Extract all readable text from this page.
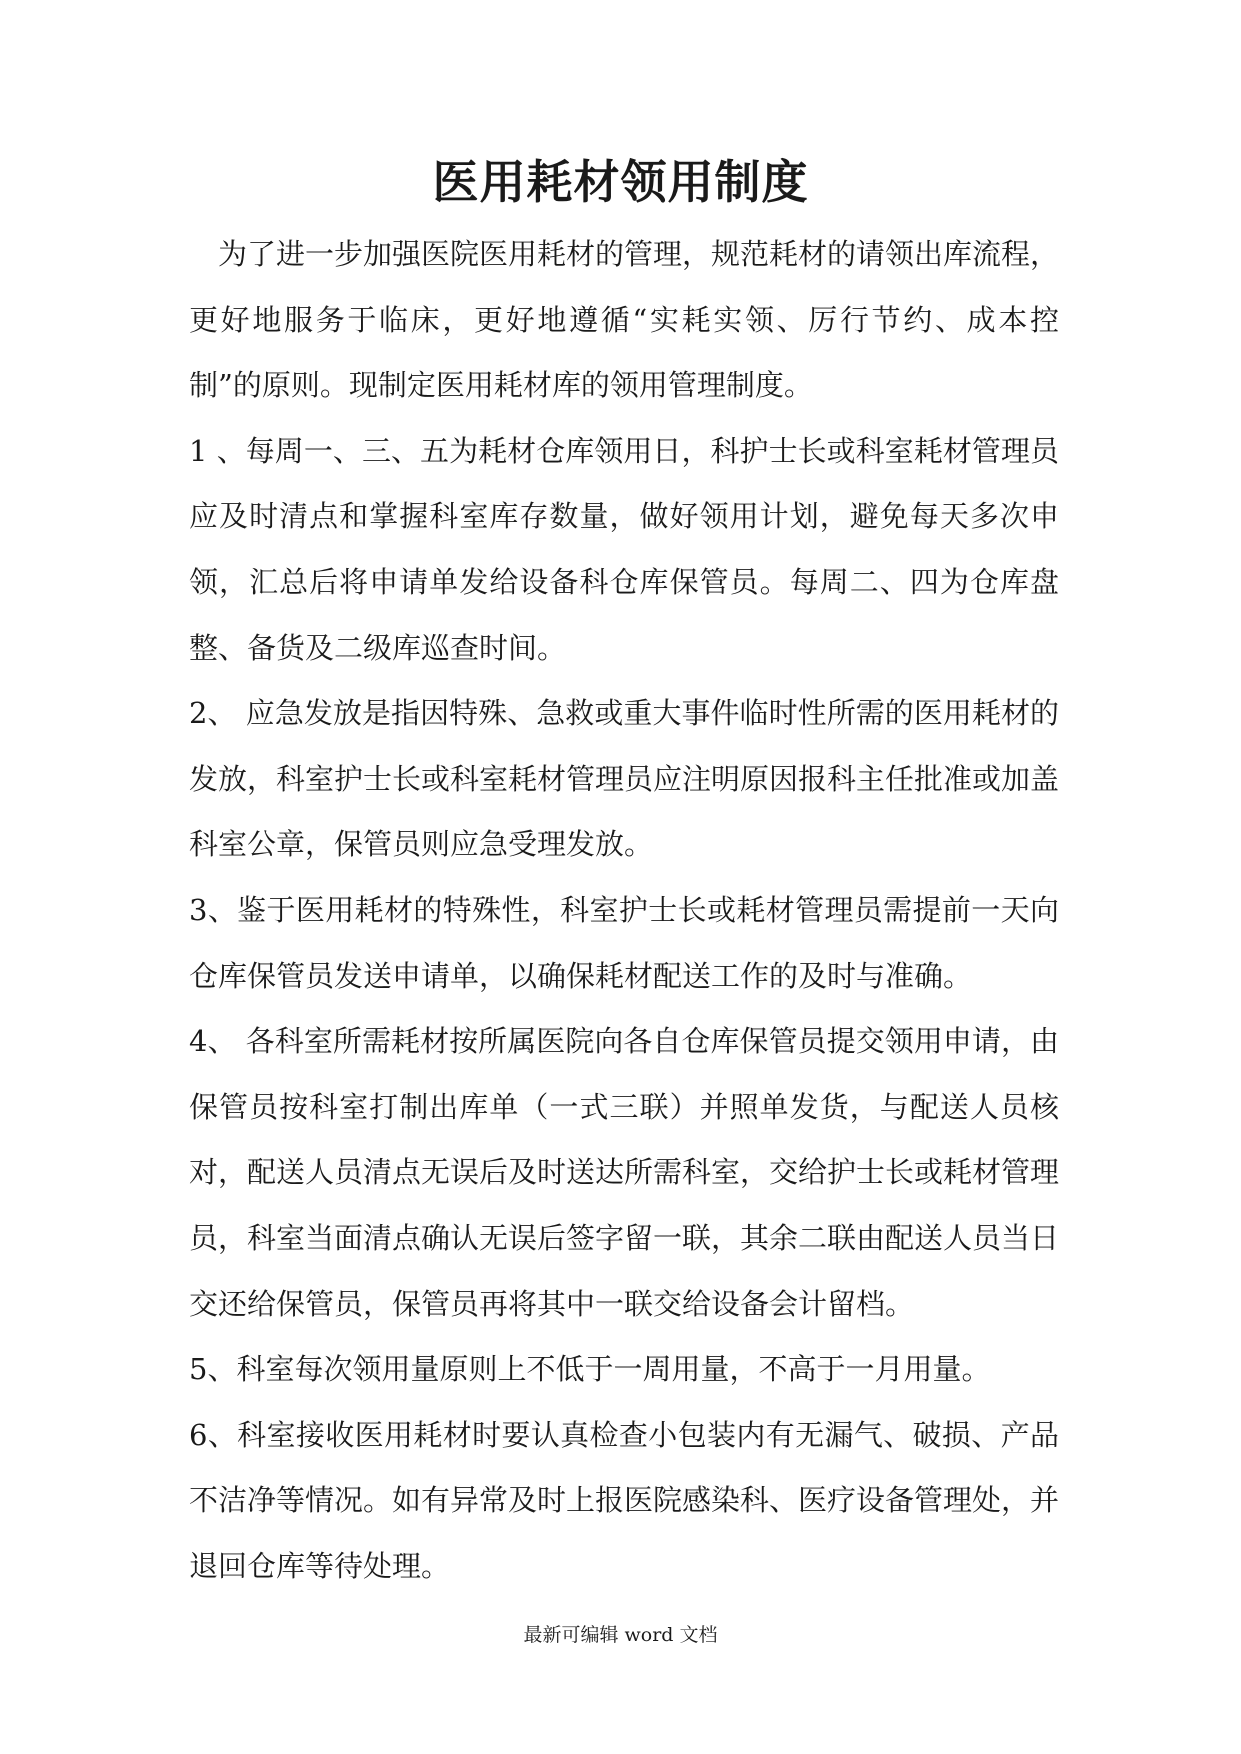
医用耗材领用制度

为了进一步加强医院医用耗材的管理，规范耗材的请领出库流程，更好地服务于临床，更好地遵循“实耗实领、厉行节约、成本控制”的原则。现制定医用耗材库的领用管理制度。

1 、每周一、三、五为耗材仓库领用日，科护士长或科室耗材管理员应及时清点和掌握科室库存数量，做好领用计划，避免每天多次申领，汇总后将申请单发给设备科仓库保管员。每周二、四为仓库盘整、备货及二级库巡查时间。

2、 应急发放是指因特殊、急救或重大事件临时性所需的医用耗材的发放，科室护士长或科室耗材管理员应注明原因报科主任批准或加盖科室公章，保管员则应急受理发放。

3、鉴于医用耗材的特殊性，科室护士长或耗材管理员需提前一天向仓库保管员发送申请单，以确保耗材配送工作的及时与准确。

4、 各科室所需耗材按所属医院向各自仓库保管员提交领用申请，由保管员按科室打制出库单（一式三联）并照单发货，与配送人员核对，配送人员清点无误后及时送达所需科室，交给护士长或耗材管理员，科室当面清点确认无误后签字留一联，其余二联由配送人员当日交还给保管员，保管员再将其中一联交给设备会计留档。

5、科室每次领用量原则上不低于一周用量，不高于一月用量。

6、科室接收医用耗材时要认真检查小包装内有无漏气、破损、产品不洁净等情况。如有异常及时上报医院感染科、医疗设备管理处，并退回仓库等待处理。

最新可编辑 word 文档
